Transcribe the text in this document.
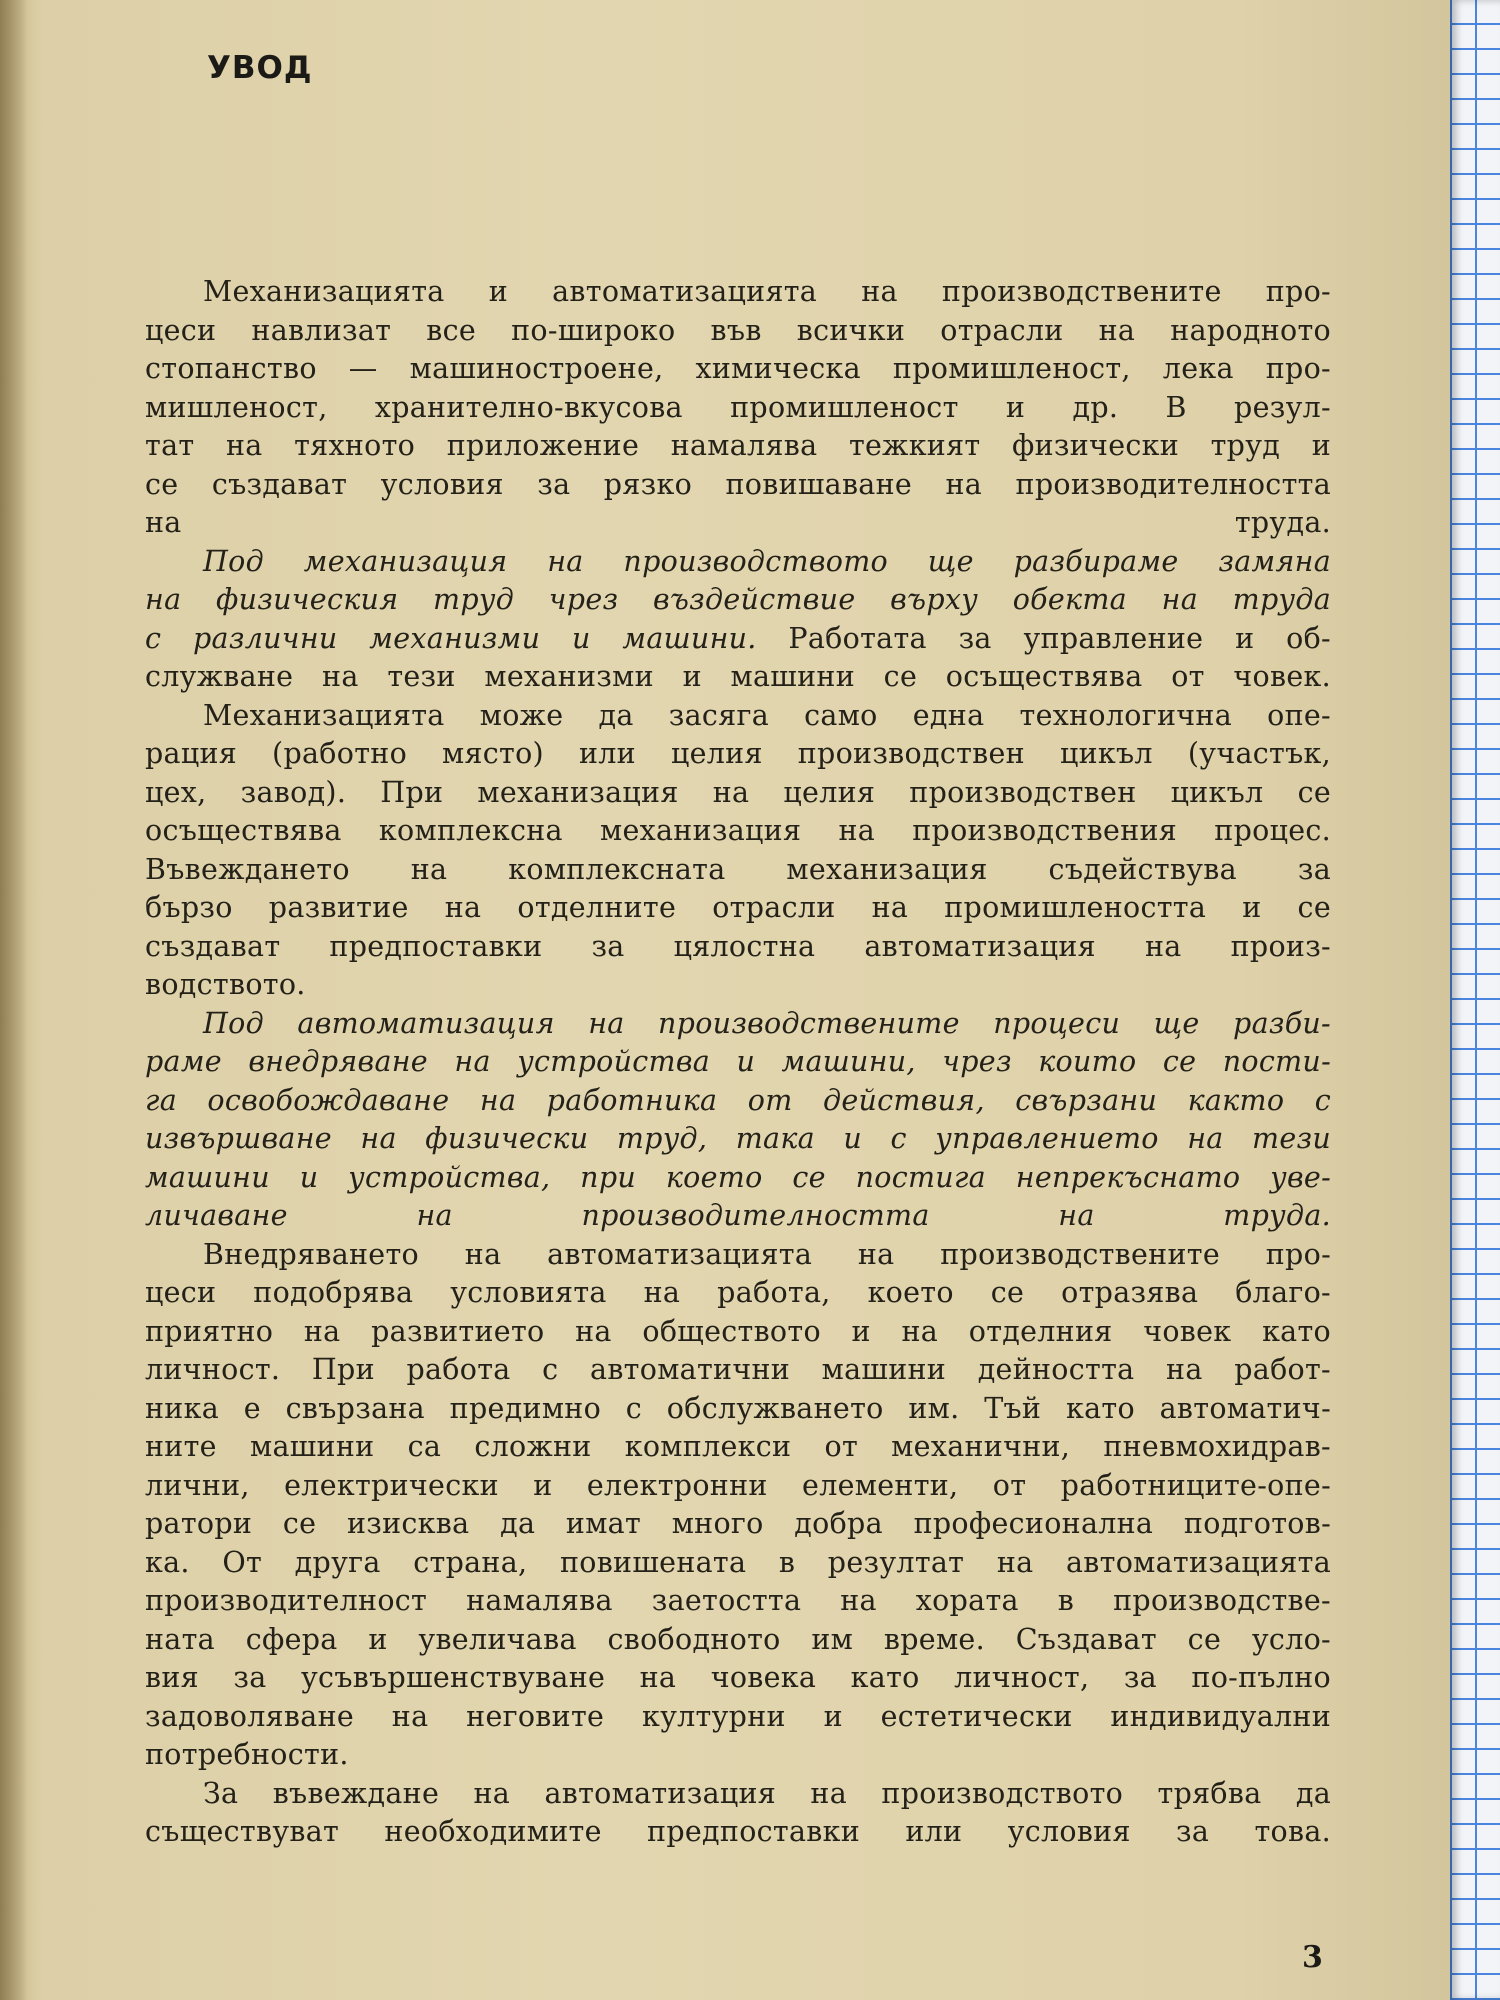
УВОД
Механизацията и автоматизацията на производствените про-
цеси навлизат все по-широко във всички отрасли на народното
стопанство — машиностроене, химическа промишленост, лека про-
мишленост, хранително-вкусова промишленост и др. В резул-
тат на тяхното приложение намалява тежкият физически труд и
се създават условия за рязко повишаване на производителността
на труда.
Под механизация на производството ще разбираме замяна
на физическия труд чрез въздействие върху обекта на труда
с различни механизми и машини. Работата за управление и об-
служване на тези механизми и машини се осъществява от човек.
Механизацията може да засяга само една технологична опе-
рация (работно място) или целия производствен цикъл (участък,
цех, завод). При механизация на целия производствен цикъл се
осъществява комплексна механизация на производствения процес.
Въвеждането на комплексната механизация съдействува за
бързо развитие на отделните отрасли на промишлеността и се
създават предпоставки за цялостна автоматизация на произ-
водството.
Под автоматизация на производствените процеси ще разби-
раме внедряване на устройства и машини, чрез които се пости-
га освобождаване на работника от действия, свързани както с
извършване на физически труд, така и с управлението на тези
машини и устройства, при което се постига непрекъснато уве-
личаване на производителността на труда.
Внедряването на автоматизацията на производствените про-
цеси подобрява условията на работа, което се отразява благо-
приятно на развитието на обществото и на отделния човек като
личност. При работа с автоматични машини дейността на работ-
ника е свързана предимно с обслужването им. Тъй като автоматич-
ните машини са сложни комплекси от механични, пневмохидрав-
лични, електрически и електронни елементи, от работниците-опе-
ратори се изисква да имат много добра професионална подготов-
ка. От друга страна, повишената в резултат на автоматизацията
производителност намалява заетостта на хората в производстве-
ната сфера и увеличава свободното им време. Създават се усло-
вия за усъвършенствуване на човека като личност, за по-пълно
задоволяване на неговите културни и естетически индивидуални
потребности.
За въвеждане на автоматизация на производството трябва да
съществуват необходимите предпоставки или условия за това.
3
